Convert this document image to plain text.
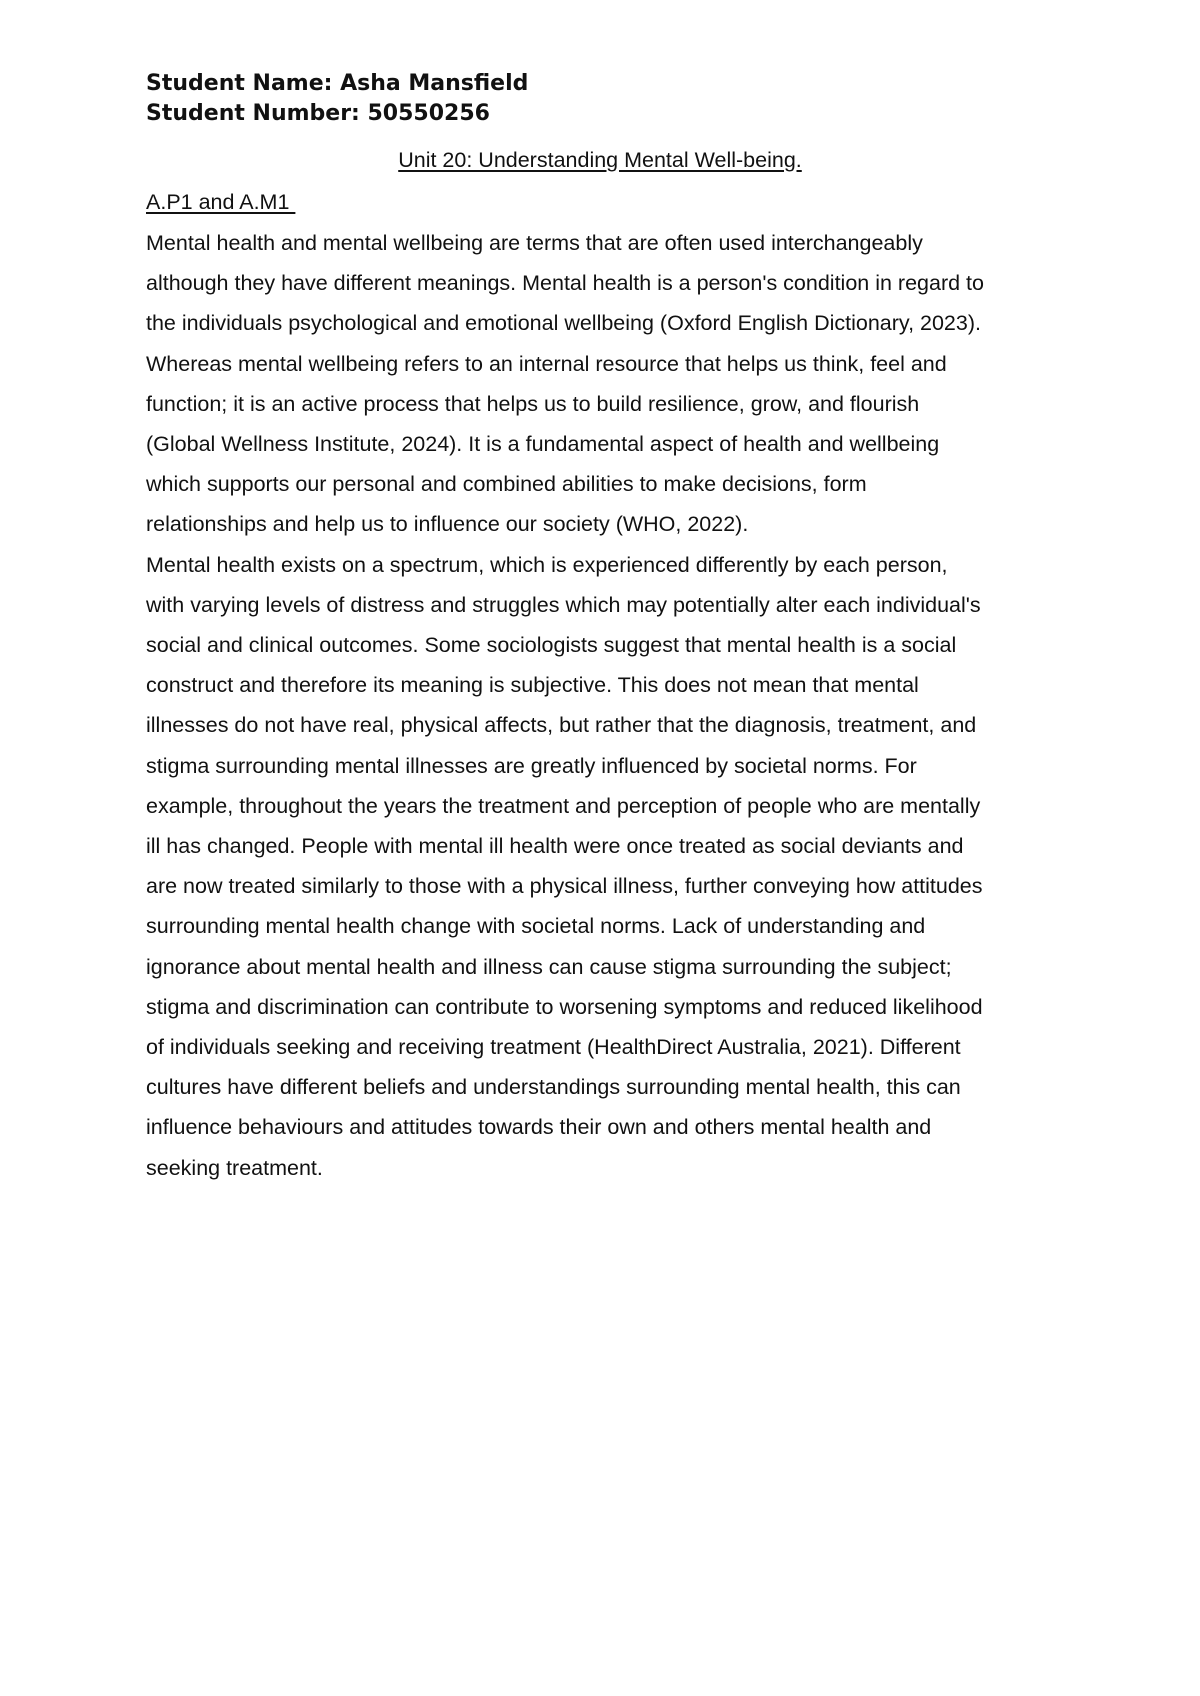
Student Name: Asha Mansfield
Student Number: 50550256
Unit 20: Understanding Mental Well-being.
A.P1 and A.M1
Mental health and mental wellbeing are terms that are often used interchangeably
although they have different meanings. Mental health is a person's condition in regard to
the individuals psychological and emotional wellbeing (Oxford English Dictionary, 2023).
Whereas mental wellbeing refers to an internal resource that helps us think, feel and
function; it is an active process that helps us to build resilience, grow, and flourish
(Global Wellness Institute, 2024). It is a fundamental aspect of health and wellbeing
which supports our personal and combined abilities to make decisions, form
relationships and help us to influence our society (WHO, 2022).
Mental health exists on a spectrum, which is experienced differently by each person,
with varying levels of distress and struggles which may potentially alter each individual's
social and clinical outcomes. Some sociologists suggest that mental health is a social
construct and therefore its meaning is subjective. This does not mean that mental
illnesses do not have real, physical affects, but rather that the diagnosis, treatment, and
stigma surrounding mental illnesses are greatly influenced by societal norms. For
example, throughout the years the treatment and perception of people who are mentally
ill has changed. People with mental ill health were once treated as social deviants and
are now treated similarly to those with a physical illness, further conveying how attitudes
surrounding mental health change with societal norms. Lack of understanding and
ignorance about mental health and illness can cause stigma surrounding the subject;
stigma and discrimination can contribute to worsening symptoms and reduced likelihood
of individuals seeking and receiving treatment (HealthDirect Australia, 2021). Different
cultures have different beliefs and understandings surrounding mental health, this can
influence behaviours and attitudes towards their own and others mental health and
seeking treatment.
